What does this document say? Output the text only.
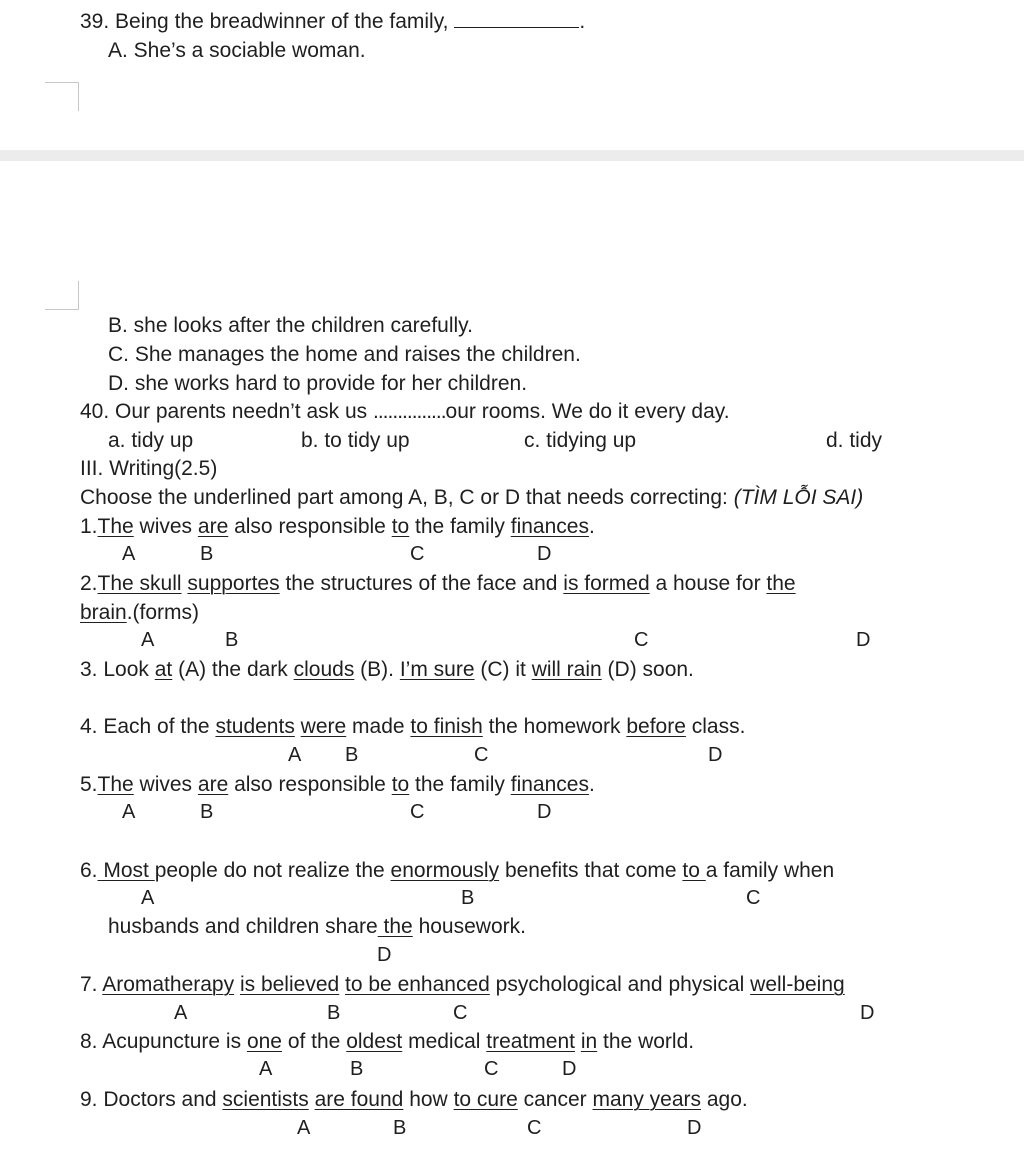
39. Being the breadwinner of the family,	.
A. She’s a sociable woman.
B. she looks after the children carefully.
C. She manages the home and raises the children.
D. she works hard to provide for her children.
40. Our parents needn’t ask us ...............our rooms. We do it every day.
a. tidy up	b. to tidy up	c. tidying up	d. tidy
III. Writing(2.5)
Choose the underlined part among A, B, C or D that needs correcting: (TÌM LỖI SAI)
1.The wives are also responsible to the family finances.
A	B	C	D
2.The skull supportes the structures of the face and is formed a house for the
brain.(forms)
A	B	C	D
3. Look at (A) the dark clouds (B). I’m sure (C) it will rain (D) soon.
4. Each of the students were made to finish the homework before class.
A B	C	D
5.The wives are also responsible to the family finances.
A	B	C	D
6. Most people do not realize the enormously benefits that come to a family when
A	B	C
husbands and children share the housework.
D
7. Aromatherapy is believed to be enhanced psychological and physical well-being
A	B	C	D
8. Acupuncture is one of the oldest medical treatment in the world.
A	B	C	D
9. Doctors and scientists are found how to cure cancer many years ago.
A	B	C	D
